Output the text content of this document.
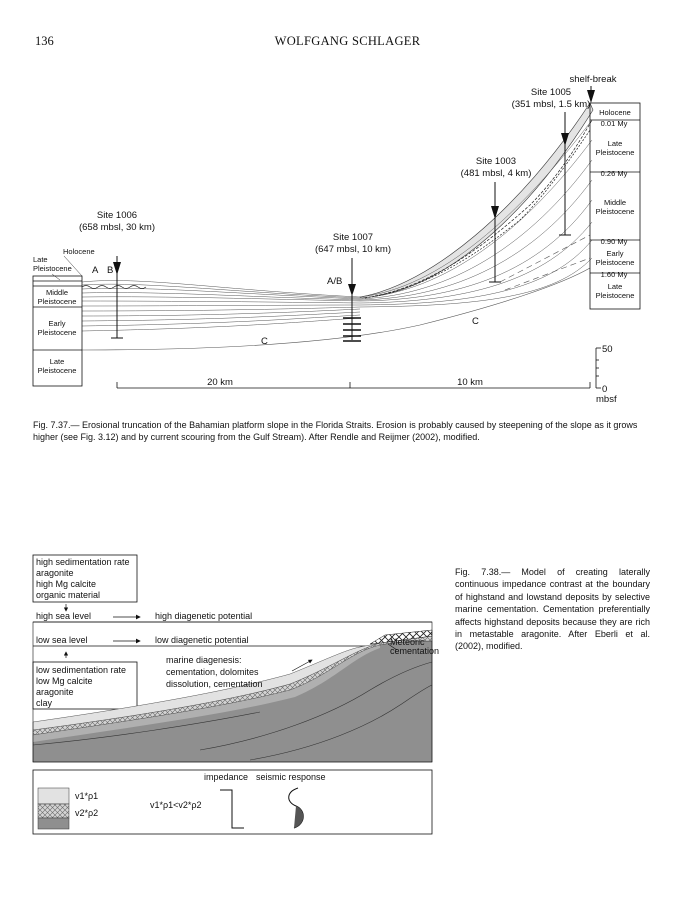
136	WOLFGANG SCHLAGER
Site 1006
(658 mbsl, 30 km)
Site 1007
(647 mbsl, 10 km)
Site 1003
(481 mbsl, 4 km)
Site 1005
(351 mbsl, 1.5 km)
shelf-break
A B
A/B
C
C
20 km	10 km
50
0
mbsf
Holocene
Late
Pleistocene
Middle
Pleistocene
Early
Pleistocene
Late
Pleistocene
Holocene
0.01 My
Late
Pleistocene
0.26 My
Middle
Pleistocene
0.90 My
Early
Pleistocene
1.60 My
Late
Pleistocene
high sedimentation rate
aragonite
high Mg calcite
organic material
high sea level	high diagenetic potential
low sea level	low diagenetic potential
low sedimentation rate
low Mg calcite
aragonite
clay
marine diagenesis:
cementation, dolomites
dissolution, cementation
Meteoric
cementation
v1*ρ1
v2*ρ2
v1*ρ1<v2*ρ2
impedance seismic response
Fig. 7.37.— Erosional truncation of the Bahamian platform slope in the Florida Straits. Erosion is probably caused by steepening of the slope as it grows higher (see Fig. 3.12) and by current scouring from the Gulf Stream). After Rendle and Reijmer (2002), modified.
Fig. 7.38.— Model of creating laterally continuous impedance contrast at the boundary of highstand and lowstand deposits by selective marine cementation. Cementation preferentially affects highstand deposits because they are rich in metastable aragonite. After Eberli et al. (2002), modified.
